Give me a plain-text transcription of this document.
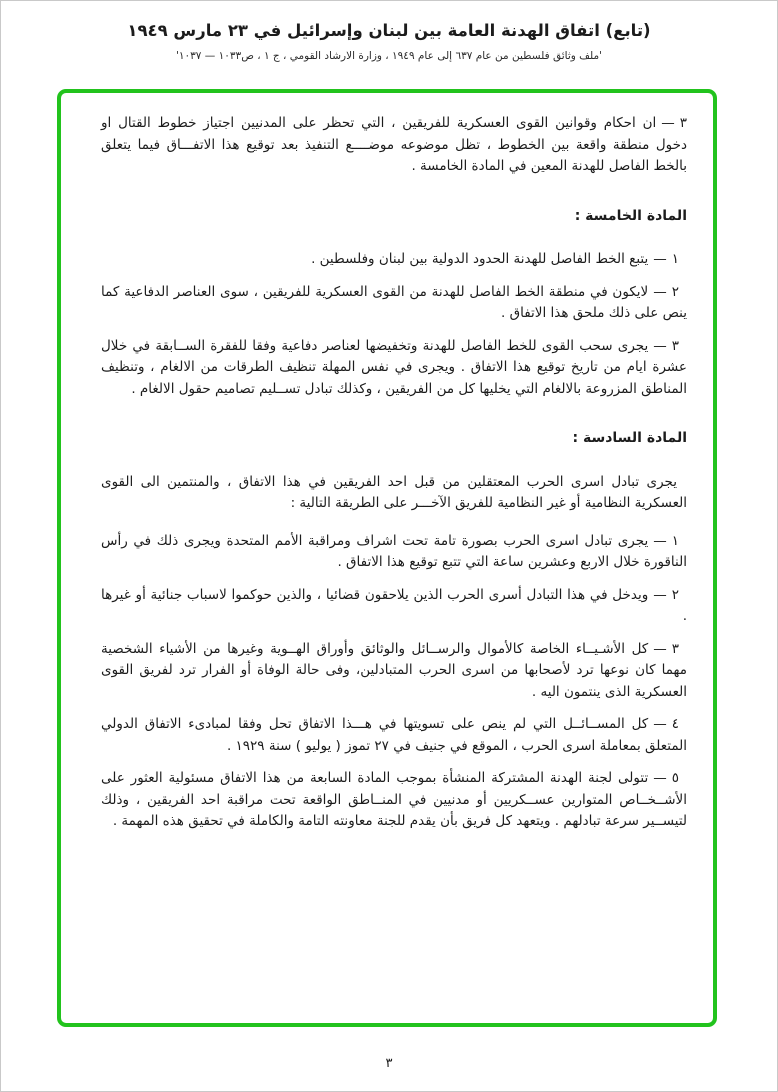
(تابع) اتفاق الهدنة العامة بين لبنان وإسرائيل في ٢٣ مارس ١٩٤٩
'ملف وثائق فلسطين من عام ٦٣٧ إلى عام ١٩٤٩ ، وزارة الارشاد القومي ، ج ١ ، ص١٠٣٣ — ١٠٣٧'

٣—ان احكام وقوانين القوى العسكرية للفريقين ، التي تحظر على المدنيين اجتياز خطوط القتال او دخول منطقة واقعة بين الخطوط ، تظل موضوعه موضــــع التنفيذ بعد توقيع هذا الاتفـــاق فيما يتعلق بالخط الفاصل للهدنة المعين في المادة الخامسة .

المادة الخامسة :

١—يتبع الخط الفاصل للهدنة الحدود الدولية بين لبنان وفلسطين .

٢—لايكون في منطقة الخط الفاصل للهدنة من القوى العسكرية للفريقين ، سوى العناصر الدفاعية كما ينص على ذلك ملحق هذا الاتفاق .

٣—يجرى سحب القوى للخط الفاصل للهدنة وتخفيضها لعناصر دفاعية وفقا للفقرة الســابقة في خلال عشرة ايام من تاريخ توقيع هذا الاتفاق . ويجرى في نفس المهلة تنظيف الطرقات من الالغام ، وتنظيف المناطق المزروعة بالالغام التي يخليها كل من الفريقين ، وكذلك تبادل تســليم تصاميم حقول الالغام .

المادة السادسة :

يجرى تبادل اسرى الحرب المعتقلين من قبل احد الفريقين في هذا الاتفاق ، والمنتمين الى القوى العسكرية النظامية أو غير النظامية للفريق الآخـــر على الطريقة التالية :

١—يجرى تبادل اسرى الحرب بصورة تامة تحت اشراف ومراقبة الأمم المتحدة ويجرى ذلك في رأس الناقورة خلال الاربع وعشرين ساعة التي تتبع توقيع هذا الاتفاق .

٢—ويدخل في هذا التبادل أسرى الحرب الذين يلاحقون قضائيا ، والذين حوكموا لاسباب جنائية أو غيرها .

٣—كل الأشـيــاء الخاصة كالأموال والرســائل والوثائق وأوراق الهــوية وغيرها من الأشياء الشخصية مهما كان نوعها ترد لأصحابها من اسرى الحرب المتبادلين، وفى حالة الوفاة أو الفرار ترد لفريق القوى العسكرية الذى ينتمون اليه .

٤—كل المســائــل التي لم ينص على تسويتها في هـــذا الاتفاق تحل وفقا لمبادىء الاتفاق الدولي المتعلق بمعاملة اسرى الحرب ، الموقع في جنيف في ٢٧ تموز ( يوليو ) سنة ١٩٢٩ .

٥—تتولى لجنة الهدنة المشتركة المنشأة بموجب المادة السابعة من هذا الاتفاق مسئولية العثور على الأشــخــاص المتوارين عســكريين أو مدنيين في المنــاطق الواقعة تحت مراقبة احد الفريقين ، وذلك لتيســير سرعة تبادلهم . ويتعهد كل فريق بأن يقدم للجنة معاونته التامة والكاملة في تحقيق هذه المهمة .

٣
